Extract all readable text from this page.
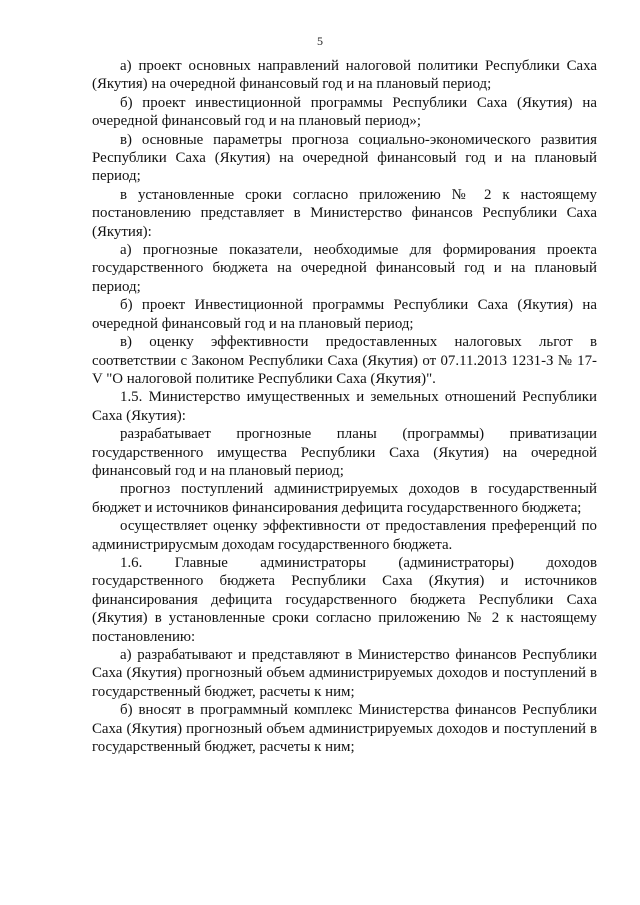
5

а) проект основных направлений налоговой политики Республики Саха (Якутия) на очередной финансовый год и на плановый период;

б) проект инвестиционной программы Республики Саха (Якутия) на очередной финансовый год и на плановый период»;

в) основные параметры прогноза социально-экономического развития Республики Саха (Якутия) на очередной финансовый год и на плановый период;

в установленные сроки согласно приложению № 2 к настоящему постановлению представляет в Министерство финансов Республики Саха (Якутия):

а) прогнозные показатели, необходимые для формирования проекта государственного бюджета на очередной финансовый год и на плановый период;

б) проект Инвестиционной программы Республики Саха (Якутия) на очередной финансовый год и на плановый период;

в) оценку эффективности предоставленных налоговых льгот в соответствии с Законом Республики Саха (Якутия) от 07.11.2013 1231-З № 17-V "О налоговой политике Республики Саха (Якутия)".

1.5. Министерство имущественных и земельных отношений Республики Саха (Якутия):

разрабатывает прогнозные планы (программы) приватизации государственного имущества Республики Саха (Якутия) на очередной финансовый год и на плановый период;

прогноз поступлений администрируемых доходов в государственный бюджет и источников финансирования дефицита государственного бюджета;

осуществляет оценку эффективности от предоставления преференций по администрирусмым доходам государственного бюджета.

1.6. Главные администраторы (администраторы) доходов государственного бюджета Республики Саха (Якутия) и источников финансирования дефицита государственного бюджета Республики Саха (Якутия) в установленные сроки согласно приложению № 2 к настоящему постановлению:

а) разрабатывают и представляют в Министерство финансов Республики Саха (Якутия) прогнозный объем администрируемых доходов и поступлений в государственный бюджет, расчеты к ним;

б) вносят в программный комплекс Министерства финансов Республики Саха (Якутия) прогнозный объем администрируемых доходов и поступлений в государственный бюджет, расчеты к ним;
